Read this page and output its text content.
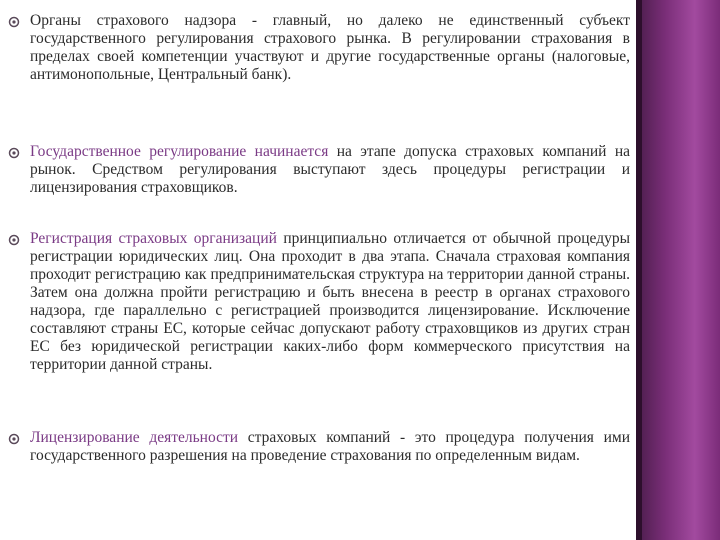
Органы страхового надзора - главный, но далеко не единственный субъект государственного регулирования страхового рынка. В регулировании страхования в пределах своей компетенции участвуют и другие государственные органы (налоговые, антимонопольные, Центральный банк).
Государственное регулирование начинается на этапе допуска страховых компаний на рынок. Средством регулирования выступают здесь процедуры регистрации и лицензирования страховщиков.
Регистрация страховых организаций принципиально отличается от обычной процедуры регистрации юридических лиц. Она проходит в два этапа. Сначала страховая компания проходит регистрацию как предпринимательская структура на территории данной страны. Затем она должна пройти регистрацию и быть внесена в реестр в органах страхового надзора, где параллельно с регистрацией производится лицензирование. Исключение составляют страны ЕС, которые сейчас допускают работу страховщиков из других стран ЕС без юридической регистрации каких-либо форм коммерческого присутствия на территории данной страны.
Лицензирование деятельности страховых компаний - это процедура получения ими государственного разрешения на проведение страхования по определенным видам.
